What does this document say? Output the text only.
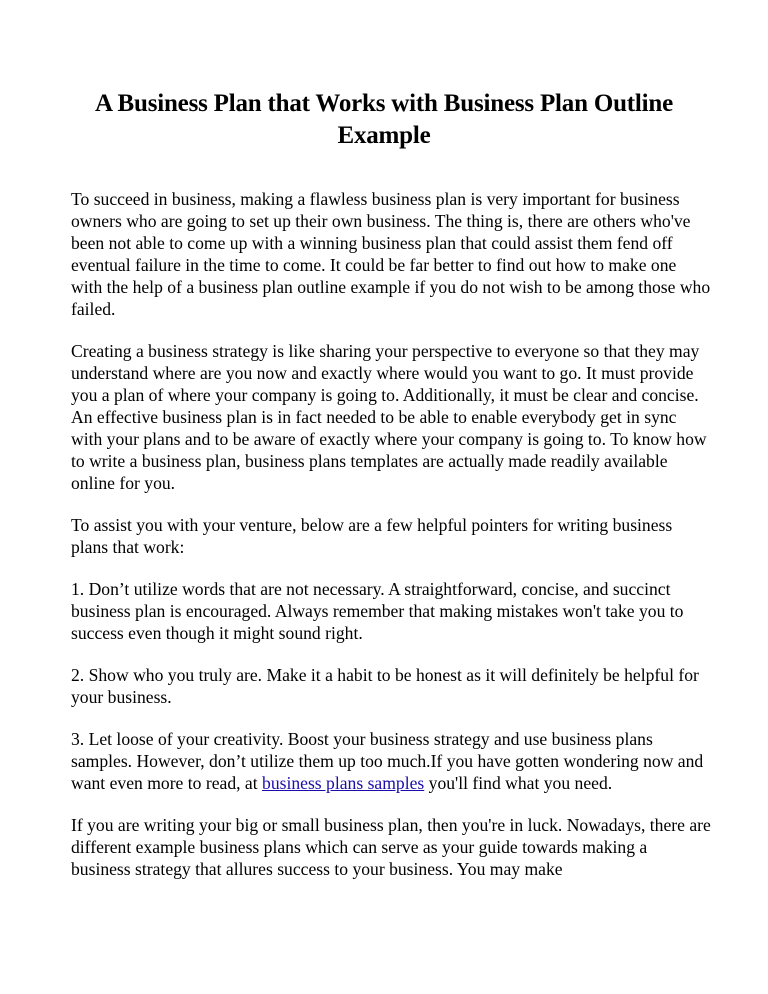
A Business Plan that Works with Business Plan Outline Example

To succeed in business, making a flawless business plan is very important for business owners who are going to set up their own business. The thing is, there are others who've been not able to come up with a winning business plan that could assist them fend off eventual failure in the time to come. It could be far better to find out how to make one with the help of a business plan outline example if you do not wish to be among those who failed.

Creating a business strategy is like sharing your perspective to everyone so that they may understand where are you now and exactly where would you want to go. It must provide you a plan of where your company is going to. Additionally, it must be clear and concise. An effective business plan is in fact needed to be able to enable everybody get in sync with your plans and to be aware of exactly where your company is going to. To know how to write a business plan, business plans templates are actually made readily available online for you.

To assist you with your venture, below are a few helpful pointers for writing business plans that work:

1. Don’t utilize words that are not necessary. A straightforward, concise, and succinct business plan is encouraged. Always remember that making mistakes won't take you to success even though it might sound right.

2. Show who you truly are. Make it a habit to be honest as it will definitely be helpful for your business.

3. Let loose of your creativity. Boost your business strategy and use business plans samples. However, don’t utilize them up too much.If you have gotten wondering now and want even more to read, at business plans samples you'll find what you need.

If you are writing your big or small business plan, then you're in luck. Nowadays, there are different example business plans which can serve as your guide towards making a business strategy that allures success to your business. You may make
